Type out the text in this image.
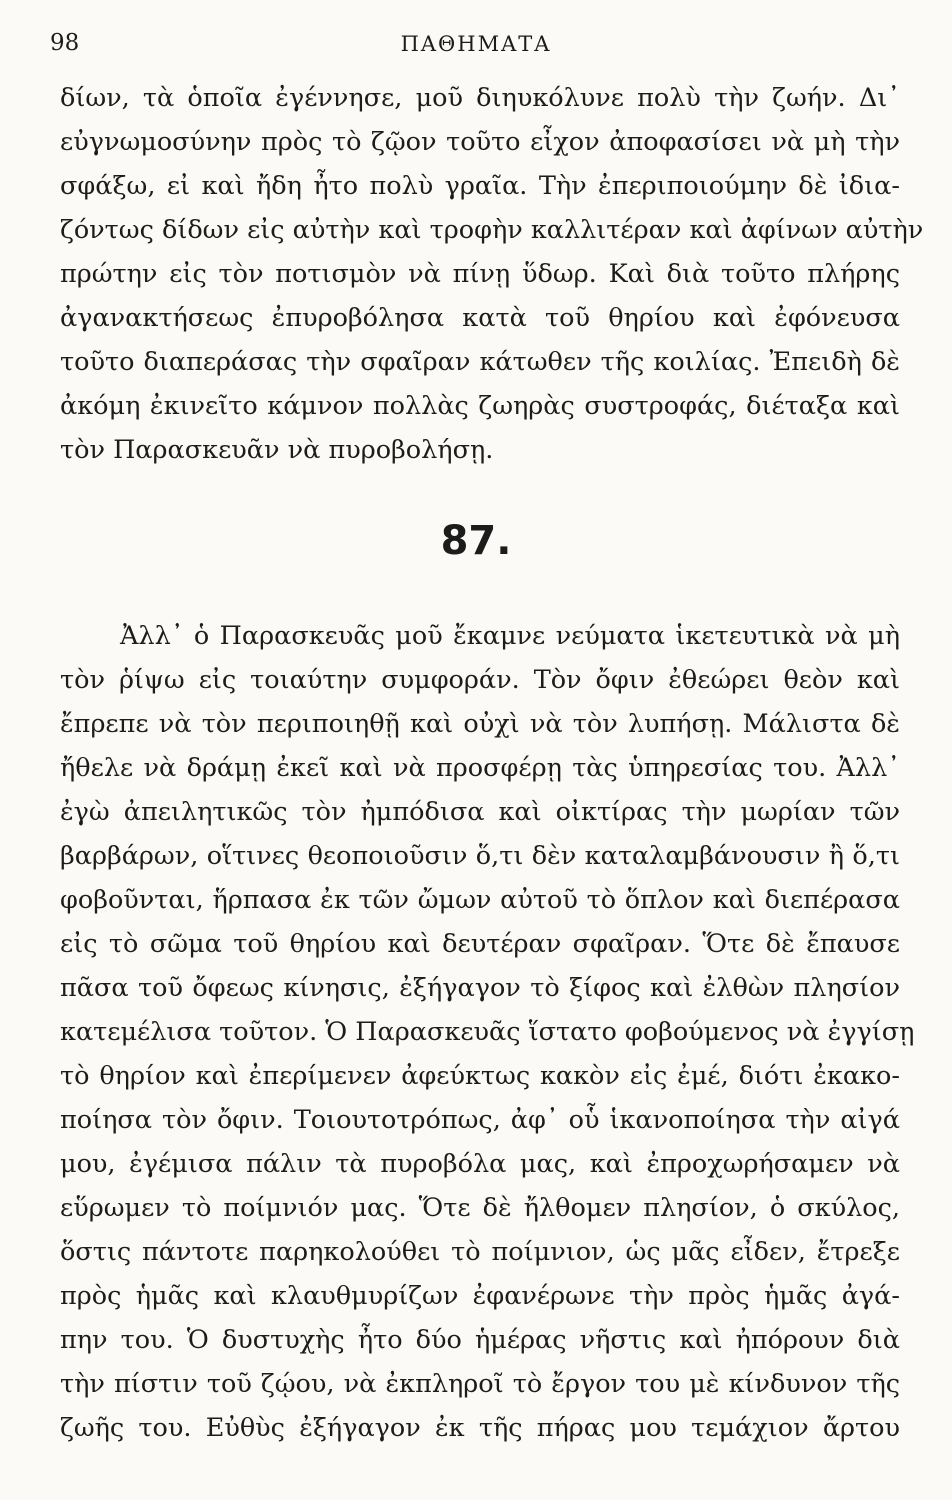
98	ΠΑΘΗΜΑΤΑ
δίων, τὰ ὁποῖα ἐγέννησε, μοῦ διηυκόλυνε πολὺ τὴν ζωήν. Δι᾽
εὐγνωμοσύνην πρὸς τὸ ζῷον τοῦτο εἶχον ἀποφασίσει νὰ μὴ τὴν
σφάξω, εἰ καὶ ἤδη ἦτο πολὺ γραῖα. Τὴν ἐπεριποιούμην δὲ ἰδια-
ζόντως δίδων εἰς αὐτὴν καὶ τροφὴν καλλιτέραν καὶ ἀφίνων αὐτὴν
πρώτην εἰς τὸν ποτισμὸν νὰ πίνῃ ὕδωρ. Καὶ διὰ τοῦτο πλήρης
ἀγανακτήσεως ἐπυροβόλησα κατὰ τοῦ θηρίου καὶ ἐφόνευσα
τοῦτο διαπεράσας τὴν σφαῖραν κάτωθεν τῆς κοιλίας. Ἐπειδὴ δὲ
ἀκόμη ἐκινεῖτο κάμνον πολλὰς ζωηρὰς συστροφάς, διέταξα καὶ
τὸν Παρασκευᾶν νὰ πυροβολήσῃ.
87.
Ἀλλ᾽ ὁ Παρασκευᾶς μοῦ ἔκαμνε νεύματα ἱκετευτικὰ νὰ μὴ
τὸν ῥίψω εἰς τοιαύτην συμφοράν. Τὸν ὄφιν ἐθεώρει θεὸν καὶ
ἔπρεπε νὰ τὸν περιποιηθῇ καὶ οὐχὶ νὰ τὸν λυπήσῃ. Μάλιστα δὲ
ἤθελε νὰ δράμῃ ἐκεῖ καὶ νὰ προσφέρῃ τὰς ὑπηρεσίας του. Ἀλλ᾽
ἐγὼ ἀπειλητικῶς τὸν ἠμπόδισα καὶ οἰκτίρας τὴν μωρίαν τῶν
βαρβάρων, οἵτινες θεοποιοῦσιν ὅ,τι δὲν καταλαμβάνουσιν ἢ ὅ,τι
φοβοῦνται, ἥρπασα ἐκ τῶν ὤμων αὐτοῦ τὸ ὅπλον καὶ διεπέρασα
εἰς τὸ σῶμα τοῦ θηρίου καὶ δευτέραν σφαῖραν. Ὅτε δὲ ἔπαυσε
πᾶσα τοῦ ὄφεως κίνησις, ἐξήγαγον τὸ ξίφος καὶ ἐλθὼν πλησίον
κατεμέλισα τοῦτον. Ὁ Παρασκευᾶς ἵστατο φοβούμενος νὰ ἐγγίσῃ
τὸ θηρίον καὶ ἐπερίμενεν ἀφεύκτως κακὸν εἰς ἐμέ, διότι ἐκακο-
ποίησα τὸν ὄφιν. Τοιουτοτρόπως, ἀφ᾽ οὗ ἱκανοποίησα τὴν αἰγά
μου, ἐγέμισα πάλιν τὰ πυροβόλα μας, καὶ ἐπροχωρήσαμεν νὰ
εὕρωμεν τὸ ποίμνιόν μας. Ὅτε δὲ ἤλθομεν πλησίον, ὁ σκύλος,
ὅστις πάντοτε παρηκολούθει τὸ ποίμνιον, ὡς μᾶς εἶδεν, ἔτρεξε
πρὸς ἡμᾶς καὶ κλαυθμυρίζων ἐφανέρωνε τὴν πρὸς ἡμᾶς ἀγά-
πην του. Ὁ δυστυχὴς ἦτο δύο ἡμέρας νῆστις καὶ ἠπόρουν διὰ
τὴν πίστιν τοῦ ζῴου, νὰ ἐκπληροῖ τὸ ἔργον του μὲ κίνδυνον τῆς
ζωῆς του. Εὐθὺς ἐξήγαγον ἐκ τῆς πήρας μου τεμάχιον ἄρτου
